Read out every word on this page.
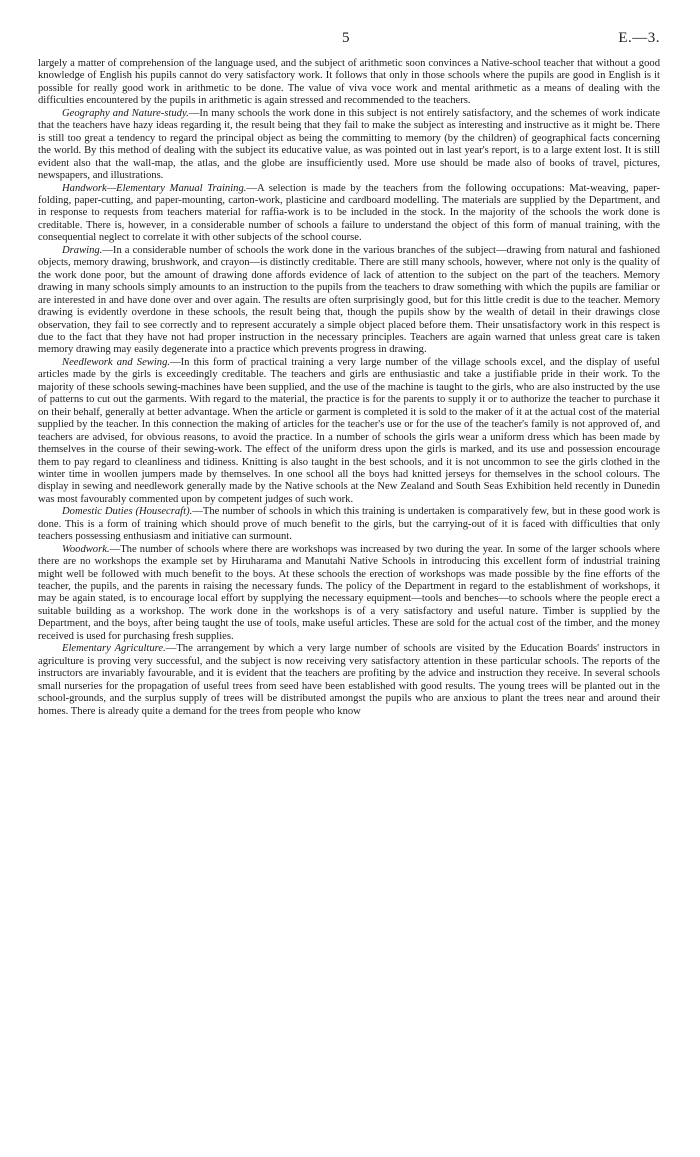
5	E.—3.

largely a matter of comprehension of the language used, and the subject of arithmetic soon convinces a Native-school teacher that without a good knowledge of English his pupils cannot do very satisfactory work. It follows that only in those schools where the pupils are good in English is it possible for really good work in arithmetic to be done. The value of viva voce work and mental arithmetic as a means of dealing with the difficulties encountered by the pupils in arithmetic is again stressed and recommended to the teachers.

Geography and Nature-study.—In many schools the work done in this subject is not entirely satisfactory, and the schemes of work indicate that the teachers have hazy ideas regarding it, the result being that they fail to make the subject as interesting and instructive as it might be. There is still too great a tendency to regard the principal object as being the committing to memory (by the children) of geographical facts concerning the world. By this method of dealing with the subject its educative value, as was pointed out in last year's report, is to a large extent lost. It is still evident also that the wall-map, the atlas, and the globe are insufficiently used. More use should be made also of books of travel, pictures, newspapers, and illustrations.

Handwork—Elementary Manual Training.—A selection is made by the teachers from the following occupations: Mat-weaving, paper-folding, paper-cutting, and paper-mounting, carton-work, plasticine and cardboard modelling. The materials are supplied by the Department, and in response to requests from teachers material for raffia-work is to be included in the stock. In the majority of the schools the work done is creditable. There is, however, in a considerable number of schools a failure to understand the object of this form of manual training, with the consequential neglect to correlate it with other subjects of the school course.

Drawing.—In a considerable number of schools the work done in the various branches of the subject—drawing from natural and fashioned objects, memory drawing, brushwork, and crayon—is distinctly creditable. There are still many schools, however, where not only is the quality of the work done poor, but the amount of drawing done affords evidence of lack of attention to the subject on the part of the teachers. Memory drawing in many schools simply amounts to an instruction to the pupils from the teachers to draw something with which the pupils are familiar or are interested in and have done over and over again. The results are often surprisingly good, but for this little credit is due to the teacher. Memory drawing is evidently overdone in these schools, the result being that, though the pupils show by the wealth of detail in their drawings close observation, they fail to see correctly and to represent accurately a simple object placed before them. Their unsatisfactory work in this respect is due to the fact that they have not had proper instruction in the necessary principles. Teachers are again warned that unless great care is taken memory drawing may easily degenerate into a practice which prevents progress in drawing.

Needlework and Sewing.—In this form of practical training a very large number of the village schools excel, and the display of useful articles made by the girls is exceedingly creditable. The teachers and girls are enthusiastic and take a justifiable pride in their work. To the majority of these schools sewing-machines have been supplied, and the use of the machine is taught to the girls, who are also instructed by the use of patterns to cut out the garments. With regard to the material, the practice is for the parents to supply it or to authorize the teacher to purchase it on their behalf, generally at better advantage. When the article or garment is completed it is sold to the maker of it at the actual cost of the material supplied by the teacher. In this connection the making of articles for the teacher's use or for the use of the teacher's family is not approved of, and teachers are advised, for obvious reasons, to avoid the practice. In a number of schools the girls wear a uniform dress which has been made by themselves in the course of their sewing-work. The effect of the uniform dress upon the girls is marked, and its use and possession encourage them to pay regard to cleanliness and tidiness. Knitting is also taught in the best schools, and it is not uncommon to see the girls clothed in the winter time in woollen jumpers made by themselves. In one school all the boys had knitted jerseys for themselves in the school colours. The display in sewing and needlework generally made by the Native schools at the New Zealand and South Seas Exhibition held recently in Dunedin was most favourably commented upon by competent judges of such work.

Domestic Duties (Housecraft).—The number of schools in which this training is undertaken is comparatively few, but in these good work is done. This is a form of training which should prove of much benefit to the girls, but the carrying-out of it is faced with difficulties that only teachers possessing enthusiasm and initiative can surmount.

Woodwork.—The number of schools where there are workshops was increased by two during the year. In some of the larger schools where there are no workshops the example set by Hiruharama and Manutahi Native Schools in introducing this excellent form of industrial training might well be followed with much benefit to the boys. At these schools the erection of workshops was made possible by the fine efforts of the teacher, the pupils, and the parents in raising the necessary funds. The policy of the Department in regard to the establishment of workshops, it may be again stated, is to encourage local effort by supplying the necessary equipment—tools and benches—to schools where the people erect a suitable building as a workshop. The work done in the workshops is of a very satisfactory and useful nature. Timber is supplied by the Department, and the boys, after being taught the use of tools, make useful articles. These are sold for the actual cost of the timber, and the money received is used for purchasing fresh supplies.

Elementary Agriculture.—The arrangement by which a very large number of schools are visited by the Education Boards' instructors in agriculture is proving very successful, and the subject is now receiving very satisfactory attention in these particular schools. The reports of the instructors are invariably favourable, and it is evident that the teachers are profiting by the advice and instruction they receive. In several schools small nurseries for the propagation of useful trees from seed have been established with good results. The young trees will be planted out in the school-grounds, and the surplus supply of trees will be distributed amongst the pupils who are anxious to plant the trees near and around their homes. There is already quite a demand for the trees from people who know
